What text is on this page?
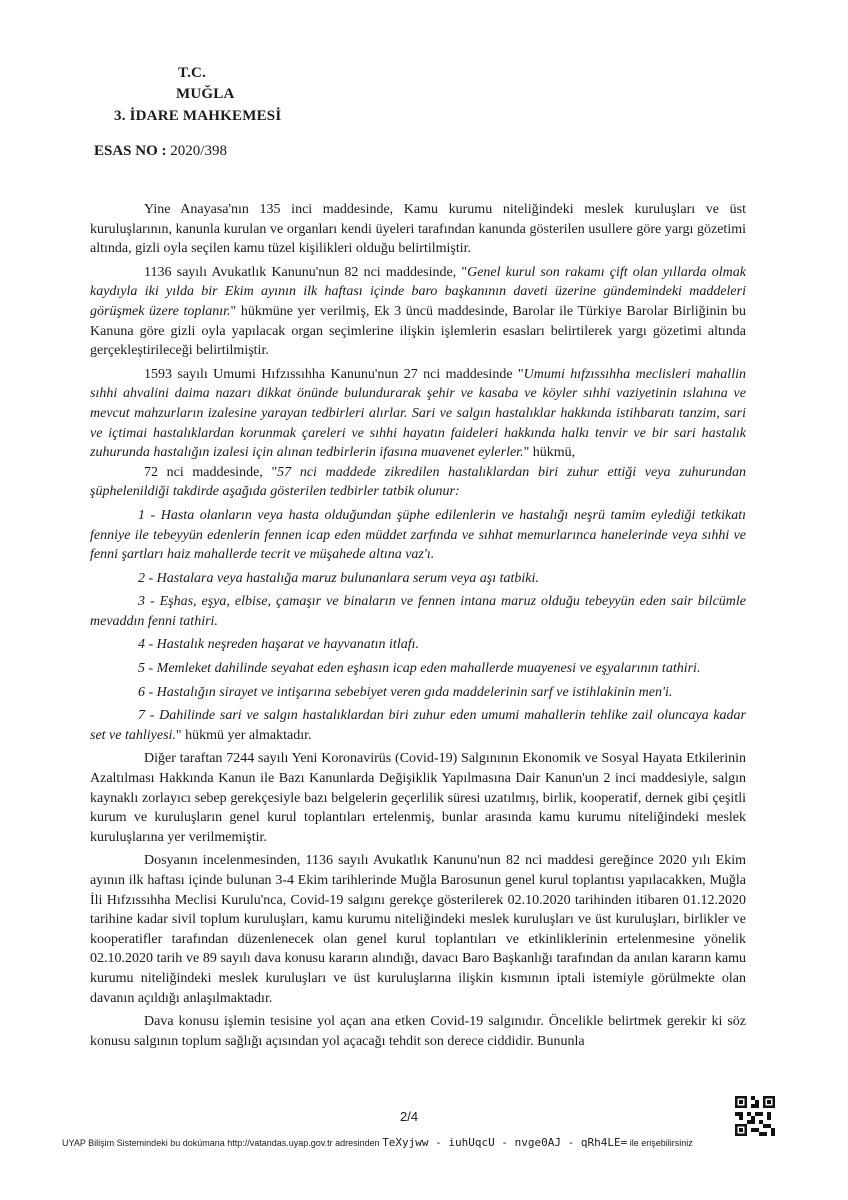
T.C.
MUĞLA
3. İDARE MAHKEMESİ
ESAS NO : 2020/398

Yine Anayasa'nın 135 inci maddesinde, Kamu kurumu niteliğindeki meslek kuruluşları ve üst kuruluşlarının, kanunla kurulan ve organları kendi üyeleri tarafından kanunda gösterilen usullere göre yargı gözetimi altında, gizli oyla seçilen kamu tüzel kişilikleri olduğu belirtilmiştir.

1136 sayılı Avukatlık Kanunu'nun 82 nci maddesinde, "Genel kurul son rakamı çift olan yıllarda olmak kaydıyla iki yılda bir Ekim ayının ilk haftası içinde baro başkanının daveti üzerine gündemindeki maddeleri görüşmek üzere toplanır." hükmüne yer verilmiş, Ek 3 üncü maddesinde, Barolar ile Türkiye Barolar Birliğinin bu Kanuna göre gizli oyla yapılacak organ seçimlerine ilişkin işlemlerin esasları belirtilerek yargı gözetimi altında gerçekleştirileceği belirtilmiştir.

1593 sayılı Umumi Hıfzıssıhha Kanunu'nun 27 nci maddesinde "Umumi hıfzıssıhha meclisleri mahallin sıhhi ahvalini daima nazarı dikkat önünde bulundurarak şehir ve kasaba ve köyler sıhhi vaziyetinin ıslahına ve mevcut mahzurların izalesine yarayan tedbirleri alırlar. Sari ve salgın hastalıklar hakkında istihbaratı tanzim, sari ve içtimai hastalıklardan korunmak çareleri ve sıhhi hayatın faideleri hakkında halkı tenvir ve bir sari hastalık zuhurunda hastalığın izalesi için alınan tedbirlerin ifasına muavenet eylerler." hükmü,

72 nci maddesinde, "57 nci maddede zikredilen hastalıklardan biri zuhur ettiği veya zuhurundan şüphelenildiği takdirde aşağıda gösterilen tedbirler tatbik olunur:

1 - Hasta olanların veya hasta olduğundan şüphe edilenlerin ve hastalığı neşrü tamim eylediği tetkikatı fenniye ile tebeyyün edenlerin fennen icap eden müddet zarfında ve sıhhat memurlarınca hanelerinde veya sıhhi ve fenni şartları haiz mahallerde tecrit ve müşahede altına vaz'ı.

2 - Hastalara veya hastalığa maruz bulunanlara serum veya aşı tatbiki.

3 - Eşhas, eşya, elbise, çamaşır ve binaların ve fennen intana maruz olduğu tebeyyün eden sair bilcümle mevaddın fenni tathiri.

4 - Hastalık neşreden haşarat ve hayvanatın itlafı.

5 - Memleket dahilinde seyahat eden eşhasın icap eden mahallerde muayenesi ve eşyalarının tathiri.

6 - Hastalığın sirayet ve intişarına sebebiyet veren gıda maddelerinin sarf ve istihlakinin men'i.

7 - Dahilinde sari ve salgın hastalıklardan biri zuhur eden umumi mahallerin tehlike zail oluncaya kadar set ve tahliyesi." hükmü yer almaktadır.

Diğer taraftan 7244 sayılı Yeni Koronavirüs (Covid-19) Salgınının Ekonomik ve Sosyal Hayata Etkilerinin Azaltılması Hakkında Kanun ile Bazı Kanunlarda Değişiklik Yapılmasına Dair Kanun'un 2 inci maddesiyle, salgın kaynaklı zorlayıcı sebep gerekçesiyle bazı belgelerin geçerlilik süresi uzatılmış, birlik, kooperatif, dernek gibi çeşitli kurum ve kuruluşların genel kurul toplantıları ertelenmiş, bunlar arasında kamu kurumu niteliğindeki meslek kuruluşlarına yer verilmemiştir.

Dosyanın incelenmesinden, 1136 sayılı Avukatlık Kanunu'nun 82 nci maddesi gereğince 2020 yılı Ekim ayının ilk haftası içinde bulunan 3-4 Ekim tarihlerinde Muğla Barosunun genel kurul toplantısı yapılacakken, Muğla İli Hıfzıssıhha Meclisi Kurulu'nca, Covid-19 salgını gerekçe gösterilerek 02.10.2020 tarihinden itibaren 01.12.2020 tarihine kadar sivil toplum kuruluşları, kamu kurumu niteliğindeki meslek kuruluşları ve üst kuruluşları, birlikler ve kooperatifler tarafından düzenlenecek olan genel kurul toplantıları ve etkinliklerinin ertelenmesine yönelik 02.10.2020 tarih ve 89 sayılı dava konusu kararın alındığı, davacı Baro Başkanlığı tarafından da anılan kararın kamu kurumu niteliğindeki meslek kuruluşları ve üst kuruluşlarına ilişkin kısmının iptali istemiyle görülmekte olan davanın açıldığı anlaşılmaktadır.

Dava konusu işlemin tesisine yol açan ana etken Covid-19 salgınıdır. Öncelikle belirtmek gerekir ki söz konusu salgının toplum sağlığı açısından yol açacağı tehdit son derece ciddidir. Bununla

2/4
UYAP Bilişim Sistemindeki bu dokümana http://vatandas.uyap.gov.tr adresinden TeXyjww - iuhUqcU - nvge0AJ - qRh4LE= ile erişebilirsiniz
